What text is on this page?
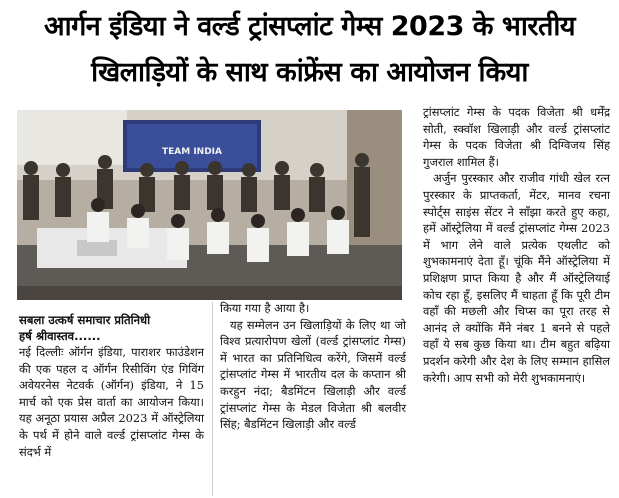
आर्गन इंडिया ने वर्ल्ड ट्रांसप्लांट गेम्स 2023 के भारतीय
खिलाड़ियों के साथ कांफ्रेंस का आयोजन किया
TEAM INDIA
सबला उत्कर्ष समाचार प्रतिनिधी
हर्ष श्रीवास्तव......

नई दिल्लीः ऑर्गन इंडिया, पाराशर फाउंडेशन की एक पहल द ऑर्गन रिसीविंग एंड गिविंग अवेयरनेस नेटवर्क (ऑर्गन) इंडिया, ने 15 मार्च को एक प्रेस वार्ता का आयोजन किया। यह अनूठा प्रयास अप्रैल 2023 में ऑस्ट्रेलिया के पर्थ में होने वाले वर्ल्ड ट्रांसप्लांट गेम्स के संदर्भ में

किया गया है आया है।

यह सम्मेलन उन खिलाड़ियों के लिए था जो विश्व प्रत्यारोपण खेलों (वर्ल्ड ट्रांसप्लांट गेम्स) में भारत का प्रतिनिधित्व करेंगे, जिसमें वर्ल्ड ट्रांसप्लांट गेम्स में भारतीय दल के कप्तान श्री करहुन नंदा; बैडमिंटन खिलाड़ी और वर्ल्ड ट्रांसप्लांट गेम्स के मेडल विजेता श्री बलवीर सिंह; बैडमिंटन खिलाड़ी और वर्ल्ड

ट्रांसप्लांट गेम्स के पदक विजेता श्री धर्मेंद्र सोती, स्क्वॉश खिलाड़ी और वर्ल्ड ट्रांसप्लांट गेम्स के पदक विजेता श्री दिग्विजय सिंह गुजराल शामिल हैं।

अर्जुन पुरस्कार और राजीव गांधी खेल रत्न पुरस्कार के प्राप्तकर्ता, मेंटर, मानव रचना स्पोर्ट्स साइंस सेंटर ने साँझा करते हुए कहा, हमें ऑस्ट्रेलिया में वर्ल्ड ट्रांसप्लांट गेम्स 2023 में भाग लेने वाले प्रत्येक एथलीट को शुभकामनाएं देता हूँ। चूंकि मैंने ऑस्ट्रेलिया में प्रशिक्षण प्राप्त किया है और मैं ऑस्ट्रेलियाई कोच रहा हूँ, इसलिए मैं चाहता हूँ कि पूरी टीम वहाँ की मछली और चिप्स का पूरा तरह से आनंद ले क्योंकि मैंने नंबर 1 बनने से पहले वहाँ ये सब कुछ किया था। टीम बहुत बढ़िया प्रदर्शन करेगी और देश के लिए सम्मान हासिल करेगी। आप सभी को मेरी शुभकामनाएं।
